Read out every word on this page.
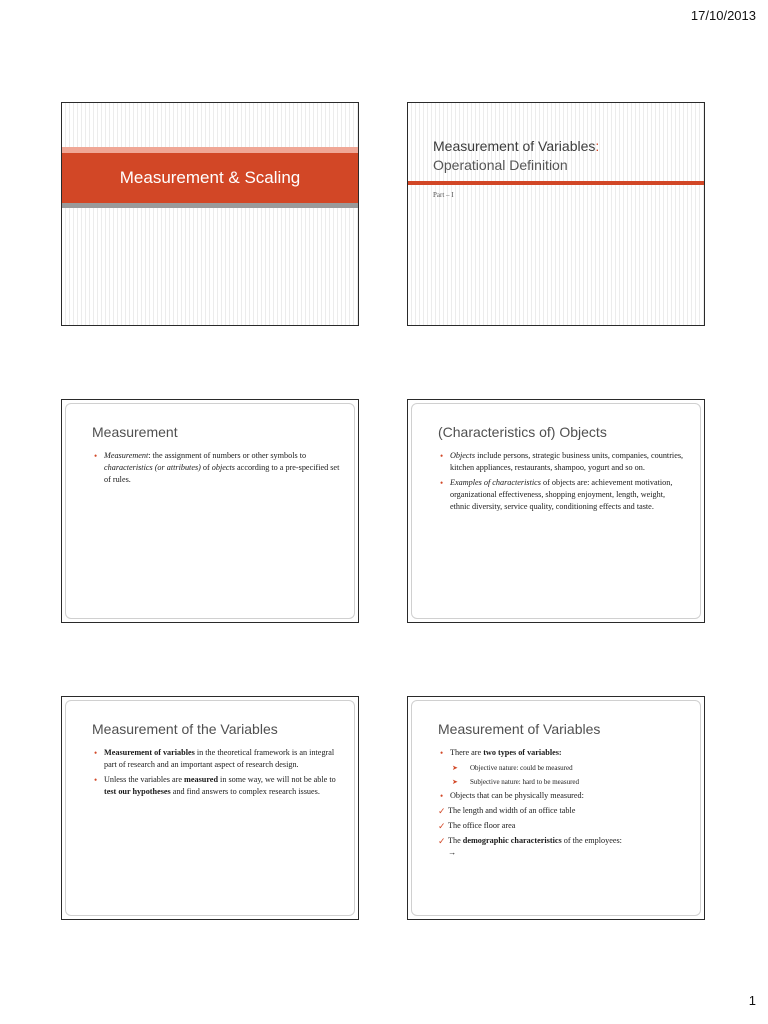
17/10/2013
Measurement & Scaling
Measurement of Variables:
Operational Definition
Part – I
Measurement
• Measurement: the assignment of numbers or other symbols to characteristics (or attributes) of objects according to a pre-specified set of rules.
(Characteristics of) Objects
• Objects include persons, strategic business units, companies, countries, kitchen appliances, restaurants, shampoo, yogurt and so on.
• Examples of characteristics of objects are: achievement motivation, organizational effectiveness, shopping enjoyment, length, weight, ethnic diversity, service quality, conditioning effects and taste.
Measurement of the Variables
• Measurement of variables in the theoretical framework is an integral part of research and an important aspect of research design.
• Unless the variables are measured in some way, we will not be able to test our hypotheses and find answers to complex research issues.
Measurement of Variables
• There are two types of variables:
➤ Objective nature: could be measured
➤ Subjective nature: hard to be measured
• Objects that can be physically measured:
✓ The length and width of an office table
✓ The office floor area
✓ The demographic characteristics of the employees:
→
1
